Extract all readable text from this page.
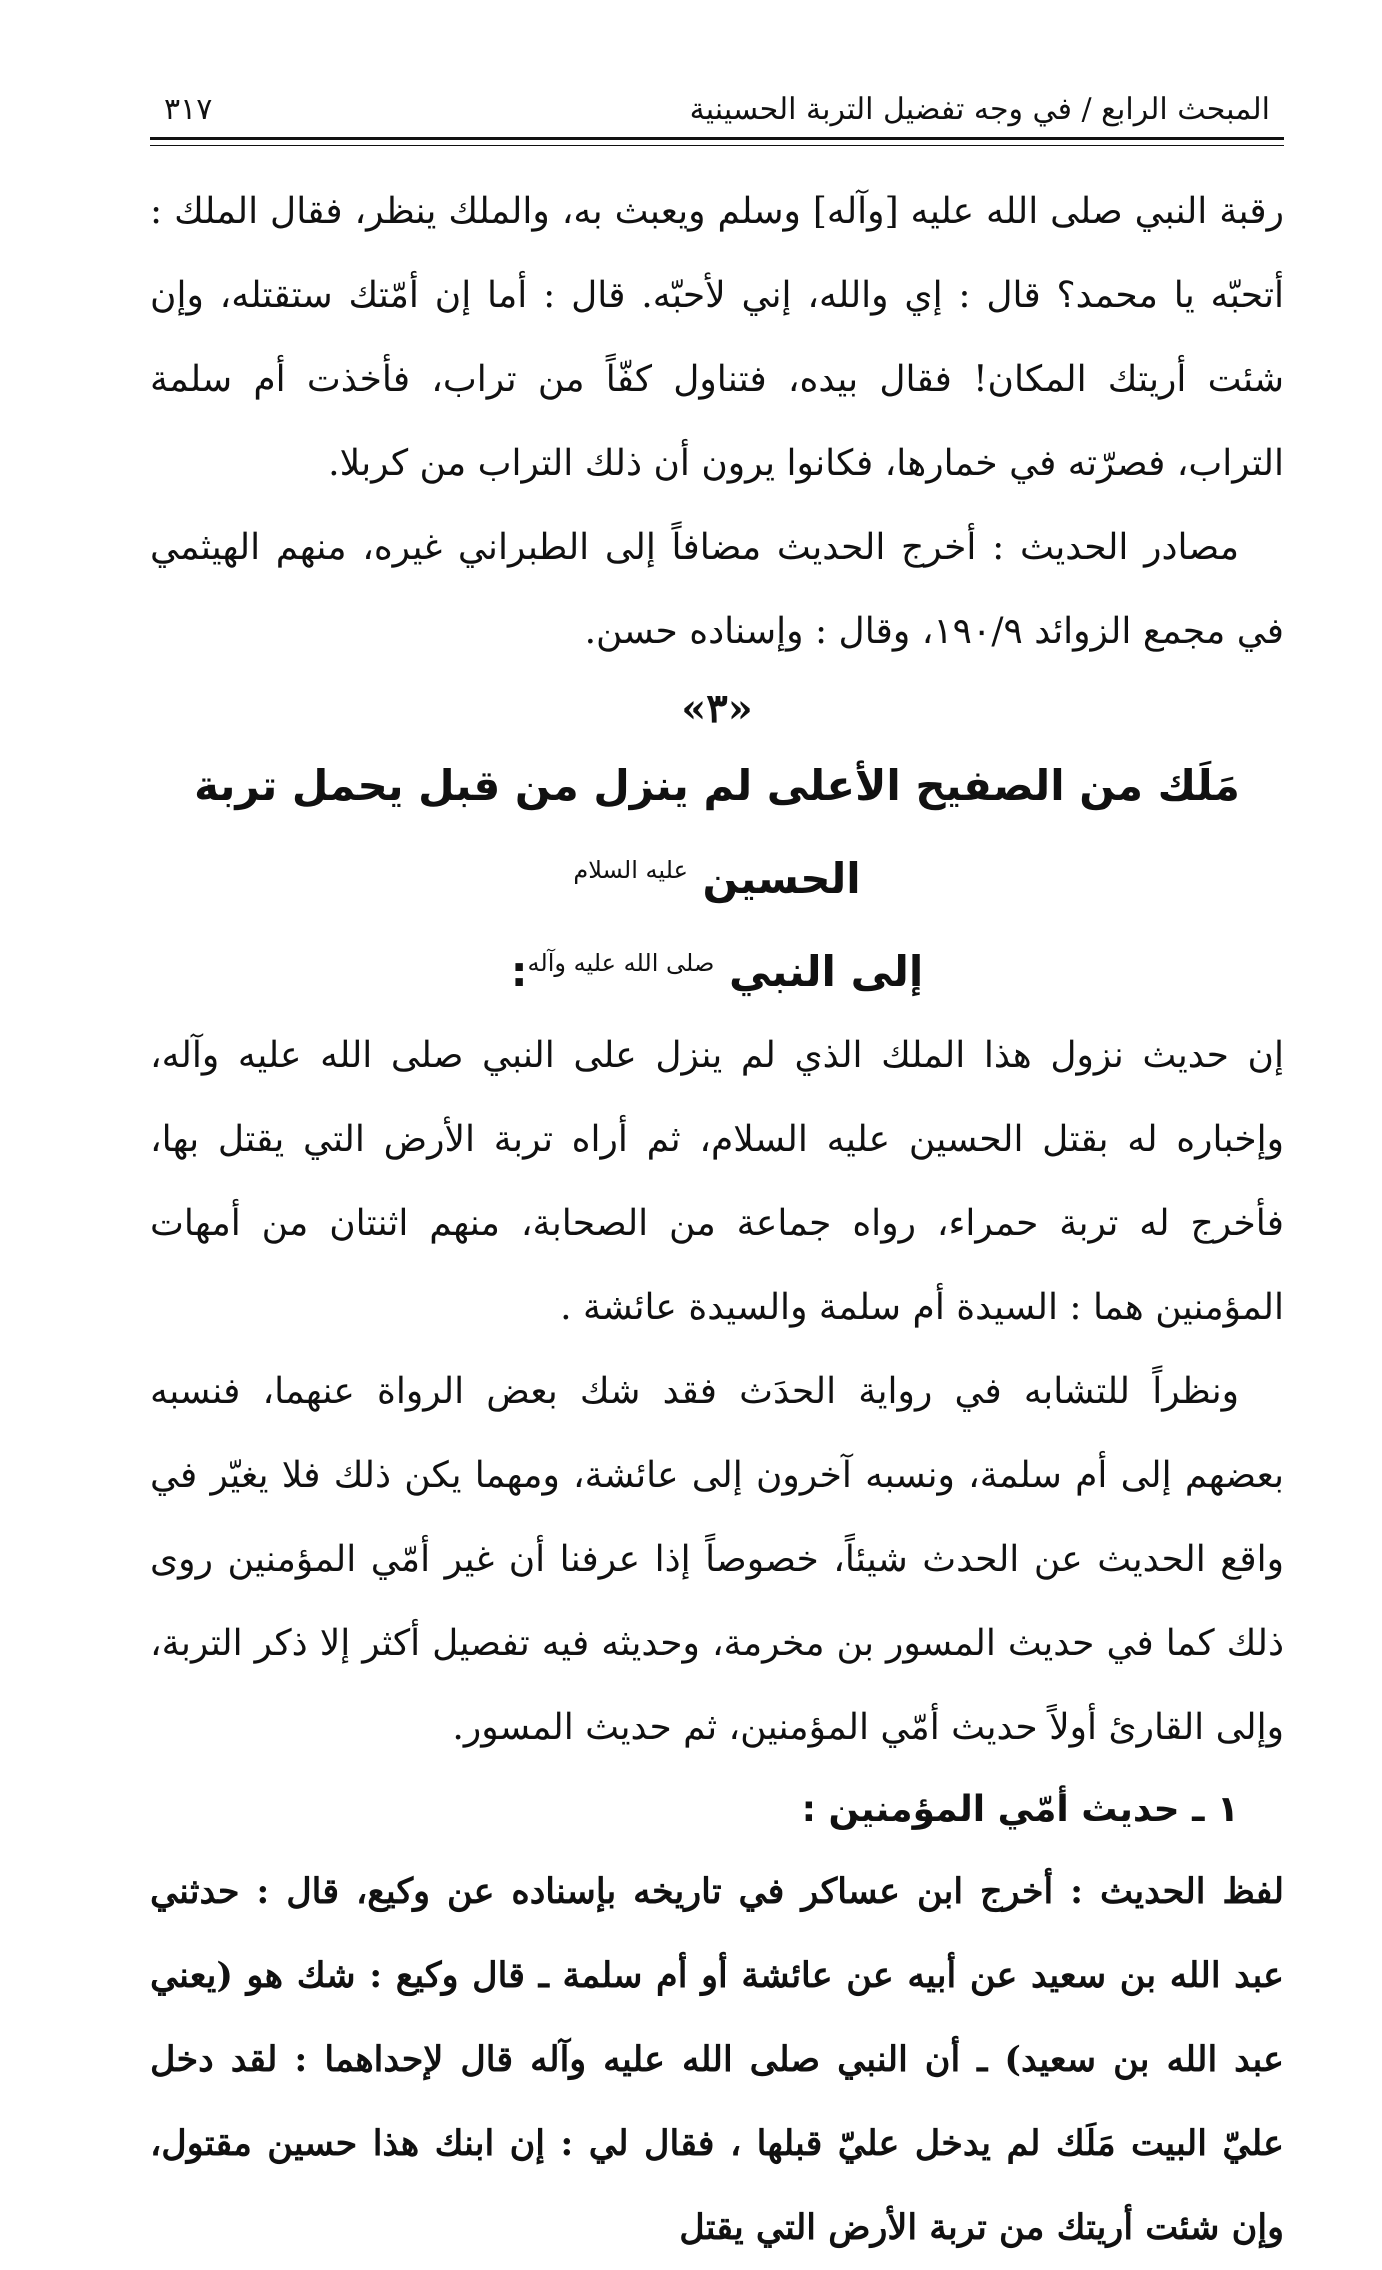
المبحث الرابع / في وجه تفضيل التربة الحسينية
٣١٧

رقبة النبي صلى الله عليه [وآله] وسلم ويعبث به، والملك ينظر، فقال الملك : أتحبّه يا محمد؟ قال : إي والله، إني لأحبّه. قال : أما إن أمّتك ستقتله، وإن شئت أريتك المكان! فقال بيده، فتناول كفّاً من تراب، فأخذت أم سلمة التراب، فصرّته في خمارها، فكانوا يرون أن ذلك التراب من كربلا.

مصادر الحديث : أخرج الحديث مضافاً إلى الطبراني غيره، منهم الهيثمي في مجمع الزوائد ١٩٠/٩، وقال : وإسناده حسن.

«٣»

مَلَك من الصفيح الأعلى لم ينزل من قبل يحمل تربة الحسين $^{عليه السلام}$
إلى النبي $^{صلى الله عليه وآله}$:

إن حديث نزول هذا الملك الذي لم ينزل على النبي صلى الله عليه وآله، وإخباره له بقتل الحسين عليه السلام، ثم أراه تربة الأرض التي يقتل بها، فأخرج له تربة حمراء، رواه جماعة من الصحابة، منهم اثنتان من أمهات المؤمنين هما : السيدة أم سلمة والسيدة عائشة .

ونظراً للتشابه في رواية الحدَث فقد شك بعض الرواة عنهما، فنسبه بعضهم إلى أم سلمة، ونسبه آخرون إلى عائشة، ومهما يكن ذلك فلا يغيّر في واقع الحديث عن الحدث شيئاً، خصوصاً إذا عرفنا أن غير أمّي المؤمنين روى ذلك كما في حديث المسور بن مخرمة، وحديثه فيه تفصيل أكثر إلا ذكر التربة، وإلى القارئ أولاً حديث أمّي المؤمنين، ثم حديث المسور.

١ ـ حديث أمّي المؤمنين :

لفظ الحديث : أخرج ابن عساكر في تاريخه بإسناده عن وكيع، قال : حدثني عبد الله بن سعيد عن أبيه عن عائشة أو أم سلمة ـ قال وكيع : شك هو (يعني عبد الله بن سعيد) ـ أن النبي صلى الله عليه وآله قال لإحداهما : لقد دخل عليّ البيت مَلَك لم يدخل عليّ قبلها ، فقال لي : إن ابنك هذا حسين مقتول، وإن شئت أريتك من تربة الأرض التي يقتل
